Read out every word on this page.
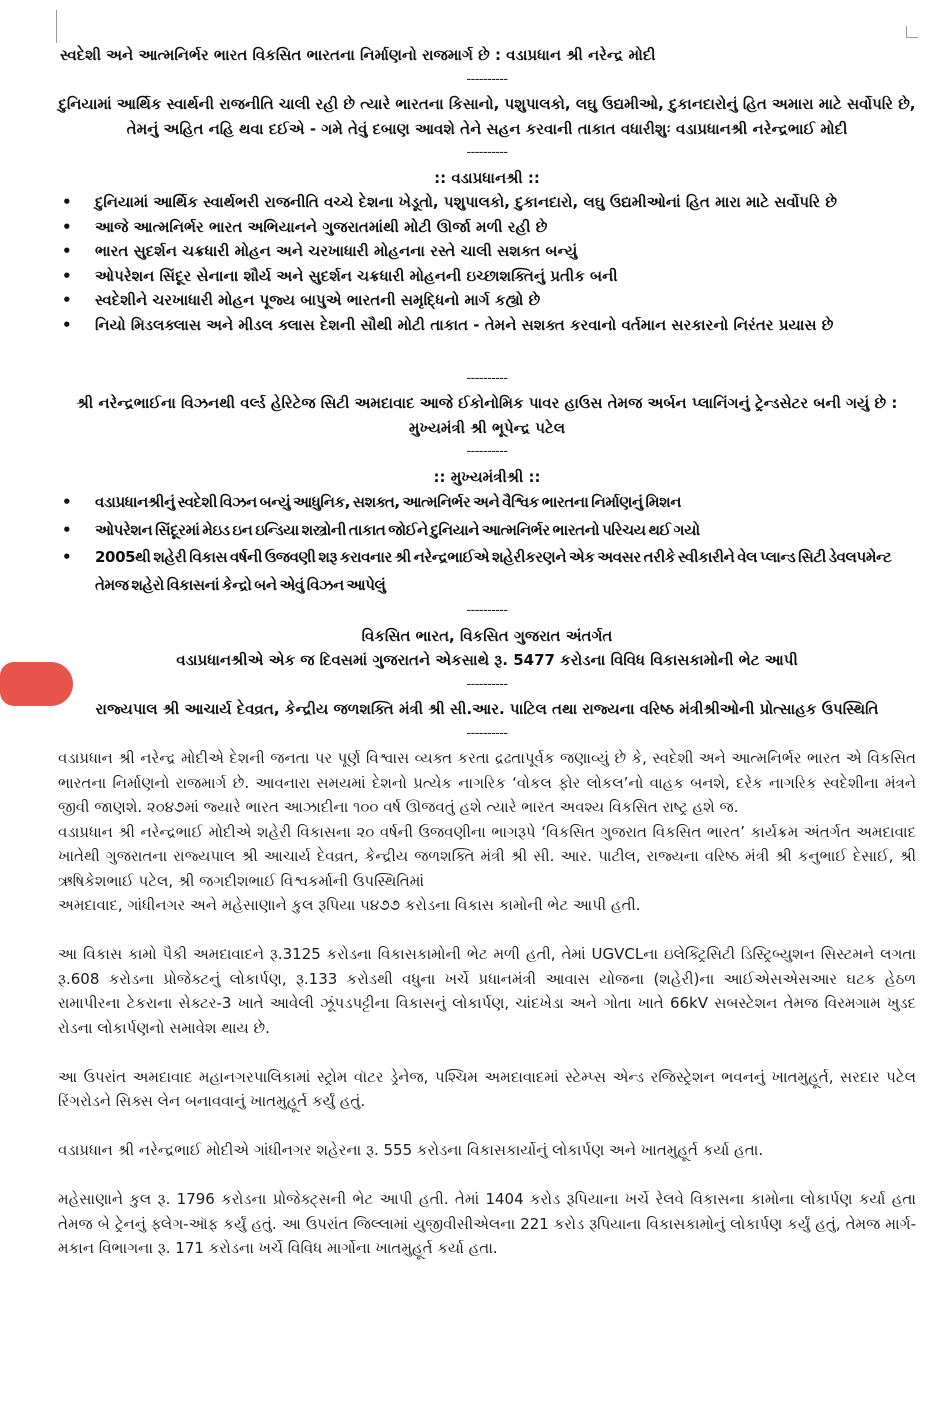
સ્વદેશી અને આત્મનિર્ભર ભારત વિકસિત ભારતના નિર્માણનો રાજમાર્ગ છે : વડાપ્રધાન શ્રી નરેન્દ્ર મોદી
----------
દુનિયામાં આર્થિક સ્વાર્થની રાજનીતિ ચાલી રહી છે ત્યારે ભારતના કિસાનો, પશુપાલકો, લઘુ ઉદ્યમીઓ, દુકાનદારોનું હિત અમારા માટે સર્વોપરિ છે, તેમનું અહિત નહિ થવા દઈએ - ગમે તેવું દબાણ આવશે તેને સહન કરવાની તાકાત વધારીશુઃ વડાપ્રધાનશ્રી નરેન્દ્રભાઈ મોદી
----------
:: વડાપ્રધાનશ્રી ::
•
દુનિયામાં આર્થિક સ્વાર્થભરી રાજનીતિ વચ્ચે દેશના ખેડૂતો, પશુપાલકો, દુકાનદારો, લઘુ ઉદ્યમીઓનાં હિત મારા માટે સર્વોપરિ છે
•
આજે આત્મનિર્ભર ભારત અભિયાનને ગુજરાતમાંથી મોટી ઊર્જા મળી રહી છે
•
ભારત સુદર્શન ચક્રધારી મોહન અને ચરખાધારી મોહનના રસ્તે ચાલી સશક્ત બન્યું
•
ઓપરેશન સિંદૂર સેનાના શૌર્ય અને સુદર્શન ચક્રધારી મોહનની ઇચ્છાશક્તિનું પ્રતીક બની
•
સ્વદેશીને ચરખાધારી મોહન પૂજ્ય બાપુએ ભારતની સમૃદ્ધિનો માર્ગ કહ્યો છે
•
નિયો મિડલક્લાસ અને મીડલ ક્લાસ દેશની સૌથી મોટી તાકાત - તેમને સશક્ત કરવાનો વર્તમાન સરકારનો નિરંતર પ્રયાસ છે
----------
શ્રી નરેન્દ્રભાઈના વિઝનથી વર્લ્ડ હેરિટેજ સિટી અમદાવાદ આજે ઈકોનોમિક પાવર હાઉસ તેમજ અર્બન પ્લાનિંગનું ટ્રેન્ડસેટર બની ગયું છે : મુખ્યમંત્રી શ્રી ભૂપેન્દ્ર પટેલ
----------
:: મુખ્યમંત્રીશ્રી ::
•
વડાપ્રધાનશ્રીનું સ્વદેશી વિઝન બન્યું આધુનિક, સશક્ત, આત્મનિર્ભર અને વૈશ્વિક ભારતના નિર્માણનું મિશન
•
ઓપરેશન સિંદૂરમાં મેઇડ ઇન ઇન્ડિયા શસ્ત્રોની તાકાત જોઈને દુનિયાને આત્મનિર્ભર ભારતનો પરિચય થઈ ગયો
•
2005થી શહેરી વિકાસ વર્ષની ઉજવણી શરૂ કરાવનાર શ્રી નરેન્દ્રભાઈએ શહેરીકરણને એક અવસર તરીકે સ્વીકારીને વેલ પ્લાન્ડ સિટી ડેવલપમેન્ટ તેમજ શહેરો વિકાસનાં કેન્દ્રો બને એવું વિઝન આપેલું
----------
વિકસિત ભારત, વિકસિત ગુજરાત અંતર્ગત
વડાપ્રધાનશ્રીએ એક જ દિવસમાં ગુજરાતને એકસાથે રૂ. 5477 કરોડના વિવિધ વિકાસકામોની ભેટ આપી
----------
રાજ્યપાલ શ્રી આચાર્ય દેવવ્રત, કેન્દ્રીય જળશક્તિ મંત્રી શ્રી સી.આર. પાટિલ તથા રાજ્યના વરિષ્ઠ મંત્રીશ્રીઓની પ્રોત્સાહક ઉપસ્થિતિ
----------

વડાપ્રધાન શ્રી નરેન્દ્ર મોદીએ દેશની જનતા પર પૂર્ણ વિશ્વાસ વ્યક્ત કરતા દ્રઢતાપૂર્વક જણાવ્યું છે કે, સ્વદેશી અને આત્મનિર્ભર ભારત એ વિકસિત ભારતના નિર્માણનો રાજમાર્ગ છે. આવનારા સમયમાં દેશનો પ્રત્યેક નાગરિક ‘વોકલ ફોર લોકલ’નો વાહક બનશે, દરેક નાગરિક સ્વદેશીના મંત્રને જીવી જાણશે. ૨૦૪૭માં જ્યારે ભારત આઝાદીના ૧૦૦ વર્ષ ઊજવતું હશે ત્યારે ભારત અવશ્ય વિકસિત રાષ્ટ્ર હશે જ.

વડાપ્રધાન શ્રી નરેન્દ્રભાઈ મોદીએ શહેરી વિકાસના ૨૦ વર્ષની ઉજવણીના ભાગરૂપે ‘વિકસિત ગુજરાત વિકસિત ભારત’ કાર્યક્રમ અંતર્ગત અમદાવાદ ખાતેથી ગુજરાતના રાજ્યપાલ શ્રી આચાર્ય દેવવ્રત, કેન્દ્રીય જળશક્તિ મંત્રી શ્રી સી. આર. પાટીલ, રાજ્યના વરિષ્ઠ મંત્રી શ્રી કનુભાઈ દેસાઈ, શ્રી ઋષિકેશભાઈ પટેલ, શ્રી જગદીશભાઈ વિશ્વકર્માની ઉપસ્થિતિમાં

અમદાવાદ, ગાંધીનગર અને મહેસાણાને કુલ રૂપિયા ૫૪૭૭ કરોડના વિકાસ કામોની ભેટ આપી હતી.

આ વિકાસ કામો પૈકી અમદાવાદને રૂ.3125 કરોડના વિકાસકામોની ભેટ મળી હતી, તેમાં UGVCLના ઇલેક્ટ્રિસિટી ડિસ્ટ્રિબ્યુશન સિસ્ટમને લગતા રૂ.608 કરોડના પ્રોજેક્ટનું લોકાર્પણ, રૂ.133 કરોડથી વધુના ખર્ચે પ્રધાનમંત્રી આવાસ યોજના (શહેરી)ના આઈએસએસઆર ઘટક હેઠળ રામાપીરના ટેકરાના સેક્ટર-3 ખાતે આવેલી ઝૂંપડપટ્ટીના વિકાસનું લોકાર્પણ, ચાંદખેડા અને ગોતા ખાતે 66kV સબસ્ટેશન તેમજ વિરમગામ ખુડદ રોડના લોકાર્પણનો સમાવેશ થાય છે.

આ ઉપરાંત અમદાવાદ મહાનગરપાલિકામાં સ્ટ્રોમ વૉટર ડ્રેનેજ, પશ્ચિમ અમદાવાદમાં સ્ટેમ્પ્સ એન્ડ રજિસ્ટ્રેશન ભવનનું ખાતમુહૂર્ત, સરદાર પટેલ રિંગરોડને સિક્સ લેન બનાવવાનું ખાતમુહૂર્ત કર્યું હતું.

વડાપ્રધાન શ્રી નરેન્દ્રભાઈ મોદીએ ગાંધીનગર શહેરના રૂ. 555 કરોડના વિકાસકાર્યોનું લોકાર્પણ અને ખાતમુહૂર્ત કર્યા હતા.

મહેસાણાને કુલ રૂ. 1796 કરોડના પ્રોજેક્ટ્સની ભેટ આપી હતી. તેમાં 1404 કરોડ રૂપિયાના ખર્ચે રેલવે વિકાસના કામોના લોકાર્પણ કર્યા હતા તેમજ બે ટ્રેનનું ફ્લેગ-ઑફ કર્યું હતું. આ ઉપરાંત જિલ્લામાં યુજીવીસીએલના 221 કરોડ રૂપિયાના વિકાસકામોનું લોકાર્પણ કર્યું હતું, તેમજ માર્ગ-મકાન વિભાગના રૂ. 171 કરોડના ખર્ચે વિવિધ માર્ગોના ખાતમુહૂર્ત કર્યા હતા.
